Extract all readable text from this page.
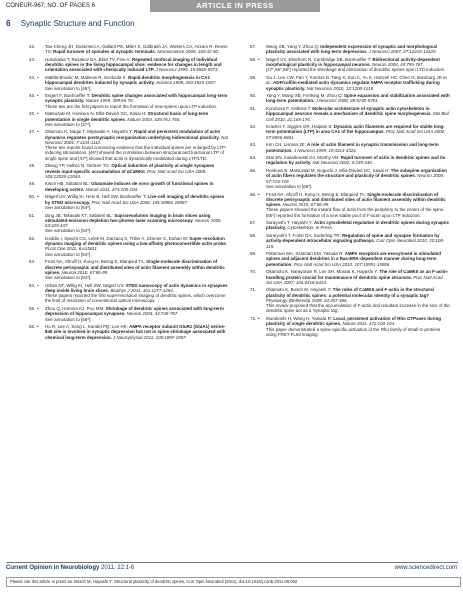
CONEUR-967; NO. OF PAGES 6	ARTICLE IN PRESS
6 Synaptic Structure and Function
42. Tao-Cheng JH, Dosemeci A, Gallant PE, Miller S, Galbraith JA, Winters CA, Azzam R, Reese TS: Rapid turnover of spinules at synaptic terminals. Neuroscience 2009, 160:42-50.
43. Hosokawa T, Rusakov DA, Bliss TV, Fine A: Repeated confocal imaging of individual dendritic spines in the living hippocampal slice: evidence for changes in length and orientation associated with chemically induced LTP. J Neurosci 1995, 15:5560-5573.
44. • Mattila-Bruetic M, Malinow R, Svoboda K: Rapid dendritic morphogenesis in CA1 hippocampal dendrites induced by synaptic activity. Science 1999, 283:1923-1927.
See annotation to [45*].
45. • Engert F, Bonhoeffer T: Dendritic spine changes associated with hippocampal long-term synaptic plasticity. Nature 1999, 399:66-70.
These two are the first papers to report the formation of new spines upon LTP induction.
46. • Matsuzaki M, Honkura N, Ellis-Davies GC, Kasai H: Structural basis of long-term potentiation in single dendritic spines. Nature 2004, 429:761-766.
See annotation to [47*].
47. • Okamoto K, Nagai T, Miyawaki A, Hayashi Y: Rapid and persistent modulation of actin dynamics regulates postsynaptic reorganization underlying bidirectional plasticity. Nat Neurosci 2004, 7:1104-1112.
These two reports found convincing evidence that the individual spines are enlarged by LTP-inducing stimulations. [46*] showed the correlation between structural and functional LTP of single spine and [47*] showed that actin is dynamically modulated during LTP/LTD.
48. Zhang YP, Holbro N, Oertner TG: Optical induction of plasticity at single synapses reveals input-specific accumulation of αCaMKII. Proc Natl Acad Sci USA 2008, 105:12039-12044.
49. Kwon HB, Sabatini BL: Glutamate induces de novo growth of functional spines in developing cortex. Nature 2011, 474:100-104.
50. • Nägerl UV, Willig KI, Hein B, Hell SW, Bonhoeffer T: Live-cell imaging of dendritic spines by STED microscopy. Proc Natl Acad Sci USA 2008, 105:18982-18987.
See annotation to [54*].
51. Ding JB, Takasaki KT, Sabatini BL: Supraresolution imaging in brain slices using stimulated-emission depletion two-photon laser scanning microscopy. Neuron 2009, 63:429-437.
See annotation to [54*].
52. Izeddin I, Specht CG, Lelek M, Darzacq X, Triller A, Zimmer C, Dahan M: Super-resolution dynamic imaging of dendritic spines using a low-affinity photoconvertible actin probe. PLoS One 2011, 6:e15611.
See annotation to [54*].
53. Frost NA, Shroff H, Kong H, Betzig E, Blanpied TA: Single-molecule discrimination of discrete perisynaptic and distributed sites of actin filament assembly within dendritic spines. Neuron 2010, 67:86-99.
See annotation to [54*].
54. • Urban NT, Willig KI, Hell SW, Nägerl UV: STED nanoscopy of actin dynamics in synapses deep inside living brain slices. Biophys J 2011, 101:1277-1284.
These papers reported the first superresolution imaging of dendritic spines, which overcome the limit of resolution of conventional optical microscopy.
55. • Zhou Q, Homma KJ, Poo MM: Shrinkage of dendritic spines associated with long-term depression of hippocampal synapses. Neuron 2004, 44:749-757.
See annotation to [56*].
56. • Ho R, Lee A, Song L, Kandel PQ, Lee HK: AMPA receptor subunit GluR1 (GluA1) serine-845 site is involved in synaptic depression but not in spine shrinkage associated with chemical long-term depression. J Neurophysiol 2011, 105:1897-1907.
57. Wang XB, Yang Y, Zhou Q: Independent expression of synaptic and morphological plasticity associated with long-term depression. J Neurosci 2007, 27:12419-12429.
58. • Nägerl UV, Eberhorn N, Cambridge SB, Bonhoeffer T: Bidirectional activity-dependent morphological plasticity in hippocampal neurons. Neuron 2004, 44:759-767.
[47*,55*,58*] reported the shrinkage and elimination of dendritic spines upon LTD induction.
59. Gu J, Lee CW, Fan Y, Komlos D, Tang X, Sun C, Yu K, Hartzell HC, Chen G, Bamburg JR et al.: ADF/cofilin-mediated actin dynamics regulate AMPA receptor trafficking during synaptic plasticity. Nat Neurosci 2010, 13:1208-1215.
60. Yang Y, Wang XB, Frerking M, Zhou Q: Spine expansion and stabilization associated with long-term potentiation. J Neurosci 2008, 28:5740-5751.
61. Korobova F, Svitkina T: Molecular architecture of synaptic actin cytoskeleton in hippocampal neurons reveals a mechanism of dendritic spine morphogenesis. Mol Biol Cell 2010, 21:165-176.
62. Kracker T, Siggins GR, Halpain S: Dynamic actin filaments are required for stable long-term potentiation (LTP) in area CA1 of the hippocampus. Proc Natl Acad Sci USA 2000, 97:6856-6861.
63. Kim CH, Lisman JE: A role of actin filament in synaptic transmission and long-term potentiation. J Neurosci 1999, 19:4314-4324.
64. Star EN, Kwiatkowski DJ, Murthy VN: Rapid turnover of actin in dendritic spines and its regulation by activity. Nat Neurosci 2002, 5:239-246.
65. Honkura N, Matsuzaki M, Noguchi J, Ellis-Davies GC, Kasai H: The subspine organization of actin fibers regulates the structure and plasticity of dendritic spines. Neuron 2008, 57:719-729.
See annotation to [66*].
66. • Frost NA, Shroff H, Kong H, Betzig E, Blanpied TA: Single-molecule discrimination of discrete perisynaptic and distributed sites of actin filament assembly within dendritic spines. Neuron 2010, 67:86-99.
These papers showed the inward flow of actin from the periphery to the center of the spine. [65*] reported the formation of a new stable pool of F-actin upon LTP induction.
67. Sarayoshi T, Hayashi Y: Actin cytoskeletal regulation in dendritic spines during synaptic plasticity. Cytoskeleton, In Press.
68. Saneyoshi T, Fortin DA, Soderling TR: Regulation of spine and synapse formation by activity-dependent intracellular signaling pathways. Curr Opin Neurobiol 2010, 20:108-115.
69. Patterson MA, Szatmari EM, Yasuda R: AMPA receptors are exocytosed in stimulated spines and adjacent dendrites in a Ras-ERK-dependent manner during long-term potentiation. Proc Natl Acad Sci USA 2010, 107:15951-15956.
70. Okamoto K, Narayanan R, Lee SH, Murata K, Hayashi Y: The role of CaMKII as an F-actin-bundling protein crucial for maintenance of dendritic spine structure. Proc Natl Acad Sci USA 2007, 104:6418-6423.
71. Okamoto K, Bosch M, Hayashi Y: The roles of CaMKII and F-actin in the structural plasticity of dendritic spines: a potential molecular identity of a synaptic tag? Physiology (Bethesda) 2009, 24:357-366.
This review proposed that the accumulation of F-actin and resultant increase in the size of the dendritic spine act as a 'synaptic tag'.
72. • Murakoshi H, Wang H, Yasuda R: Local, persistent activation of Rho GTPases during plasticity of single dendritic spines. Nature 2011, 472:100-104.
This paper demonstrated a spine-specific activation of the Rho family of small G-proteins using FRET-FLIM imaging.
Current Opinion in Neurobiology 2011, 22:1-6	www.sciencedirect.com
Please cite this article in press as: Bosch M, Hayashi Y: Structural plasticity of dendritic spines, Curr Opin Neurobiol (2011), doi:10.1016/j.conb.2011.09.002
